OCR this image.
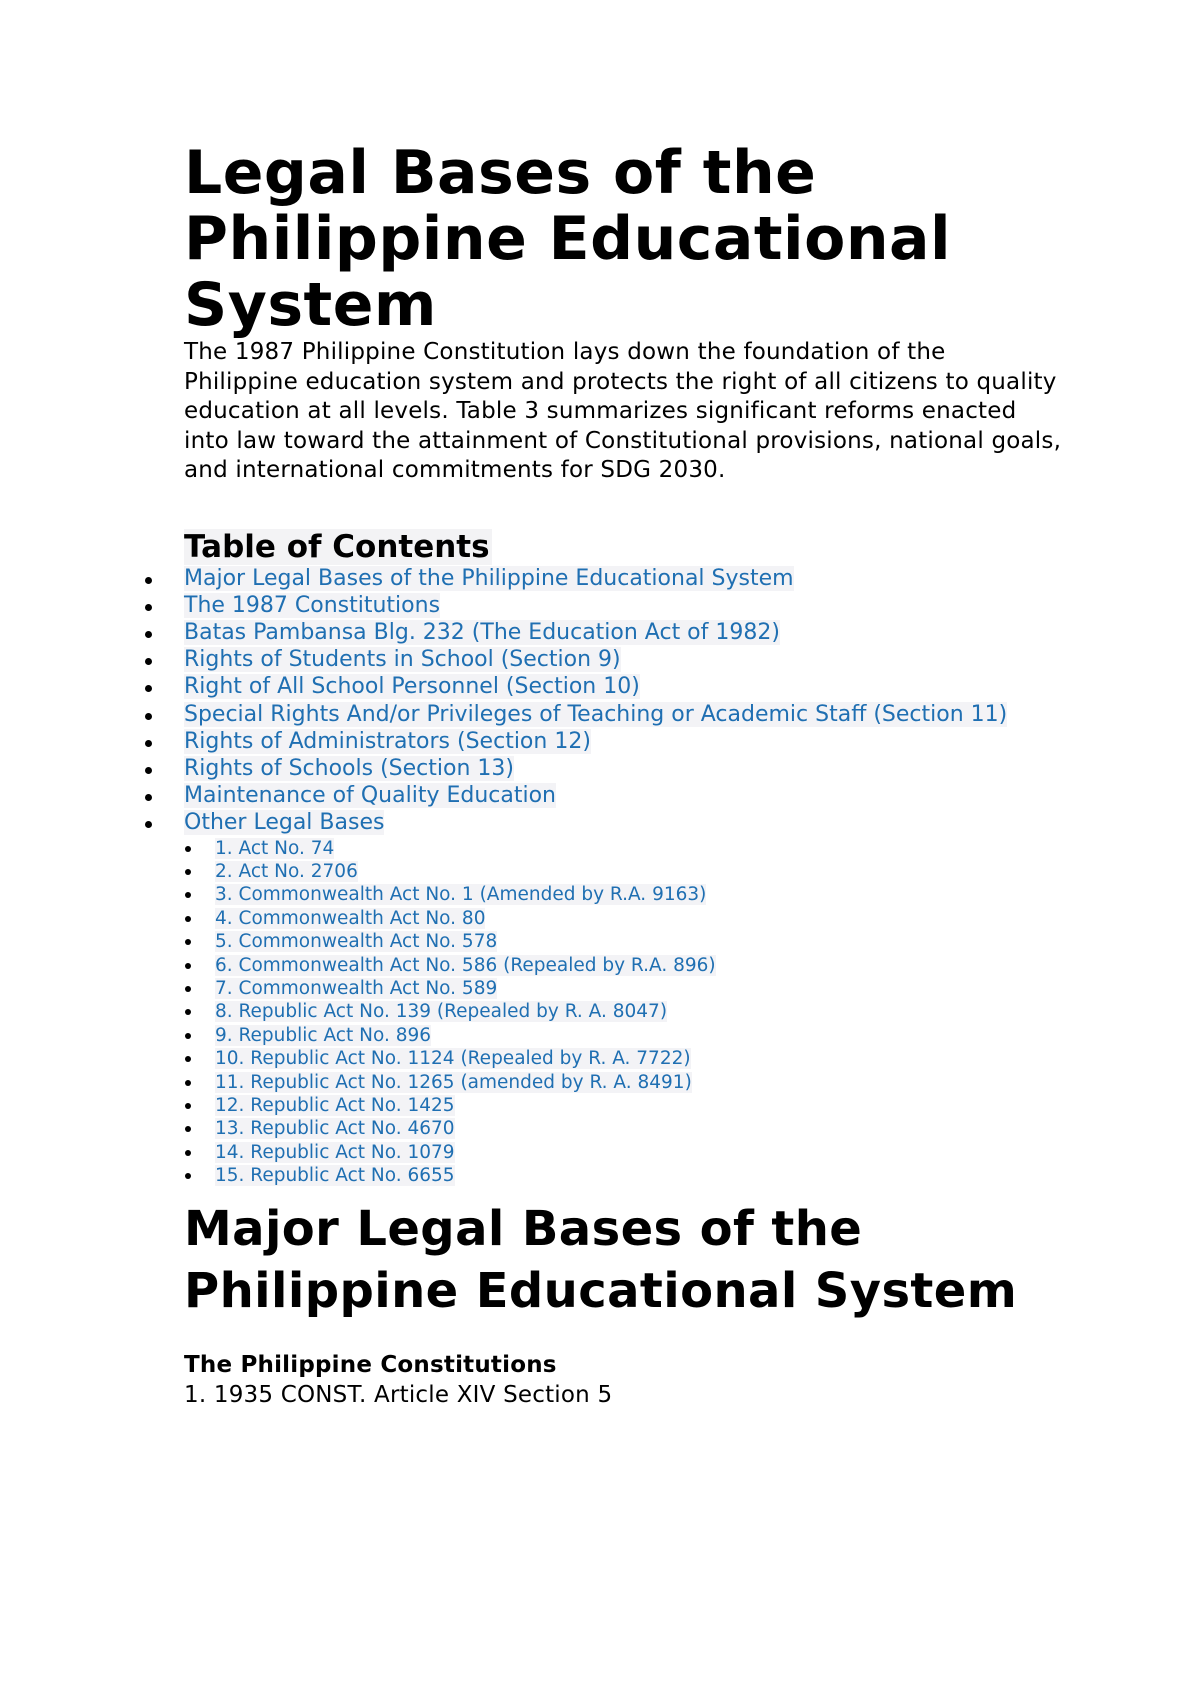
Legal Bases of the Philippine Educational System

The 1987 Philippine Constitution lays down the foundation of the Philippine education system and protects the right of all citizens to quality education at all levels. Table 3 summarizes significant reforms enacted into law toward the attainment of Constitutional provisions, national goals, and international commitments for SDG 2030.

Table of Contents
Major Legal Bases of the Philippine Educational System
The 1987 Constitutions
Batas Pambansa Blg. 232 (The Education Act of 1982)
Rights of Students in School (Section 9)
Right of All School Personnel (Section 10)
Special Rights And/or Privileges of Teaching or Academic Staff (Section 11)
Rights of Administrators (Section 12)
Rights of Schools (Section 13)
Maintenance of Quality Education
Other Legal Bases
1. Act No. 74
2. Act No. 2706
3. Commonwealth Act No. 1 (Amended by R.A. 9163)
4. Commonwealth Act No. 80
5. Commonwealth Act No. 578
6. Commonwealth Act No. 586 (Repealed by R.A. 896)
7. Commonwealth Act No. 589
8. Republic Act No. 139 (Repealed by R. A. 8047)
9. Republic Act No. 896
10. Republic Act No. 1124 (Repealed by R. A. 7722)
11. Republic Act No. 1265 (amended by R. A. 8491)
12. Republic Act No. 1425
13. Republic Act No. 4670
14. Republic Act No. 1079
15. Republic Act No. 6655
Major Legal Bases of the Philippine Educational System
The Philippine Constitutions

1. 1935 CONST. Article XIV Section 5
